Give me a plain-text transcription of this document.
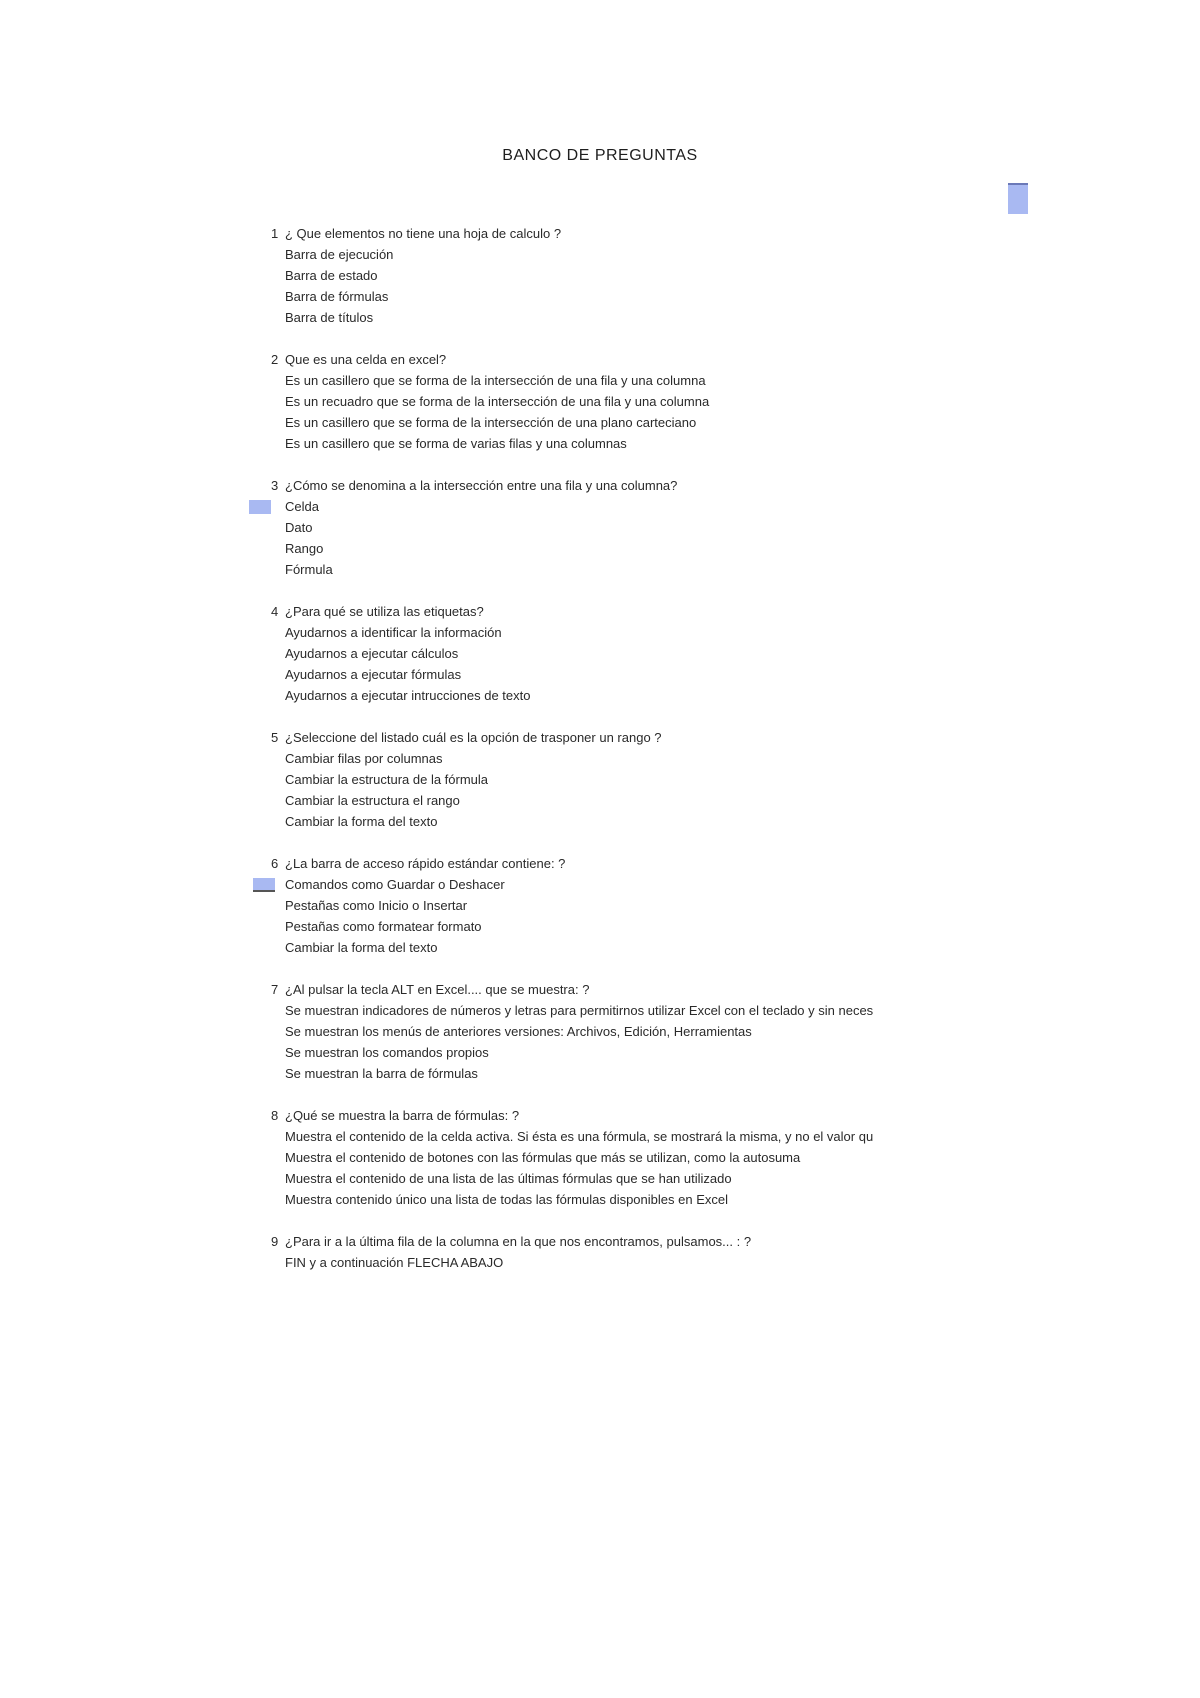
BANCO DE PREGUNTAS
1 ¿ Que elementos no tiene una hoja de calculo ?
Barra de ejecución
Barra de estado
Barra de fórmulas
Barra de títulos
2 Que es una celda en excel?
Es un casillero que se forma de la intersección de una fila y una columna
Es un recuadro que se forma de la intersección de una fila y una columna
Es un casillero que se forma de la intersección de una plano carteciano
Es un casillero que se forma de varias filas y una columnas
3 ¿Cómo se denomina a la intersección entre una fila y una columna?
Celda
Dato
Rango
Fórmula
4 ¿Para qué se utiliza las etiquetas?
Ayudarnos a identificar la información
Ayudarnos a ejecutar cálculos
Ayudarnos a ejecutar fórmulas
Ayudarnos a ejecutar intrucciones de texto
5 ¿Seleccione del listado cuál es la opción de trasponer un rango ?
Cambiar filas por columnas
Cambiar la estructura de la fórmula
Cambiar la estructura el rango
Cambiar la forma del texto
6 ¿La barra de acceso rápido estándar contiene: ?
Comandos como Guardar o Deshacer
Pestañas como Inicio o Insertar
Pestañas como formatear formato
Cambiar la forma del texto
7 ¿Al pulsar la tecla ALT en Excel.... que se muestra: ?
Se muestran indicadores de números y letras para permitirnos utilizar Excel con el teclado y sin neces
Se muestran los menús de anteriores versiones: Archivos, Edición, Herramientas
Se muestran los comandos propios
Se muestran la barra de fórmulas
8 ¿Qué se muestra la barra de fórmulas: ?
Muestra el contenido de la celda activa. Si ésta es una fórmula, se mostrará la misma, y no el valor qu
Muestra el contenido de botones con las fórmulas que más se utilizan, como la autosuma
Muestra el contenido de una lista de las últimas fórmulas que se han utilizado
Muestra contenido único una lista de todas las fórmulas disponibles en Excel
9 ¿Para ir a la última fila de la columna en la que nos encontramos, pulsamos... : ?
FIN y a continuación FLECHA ABAJO
